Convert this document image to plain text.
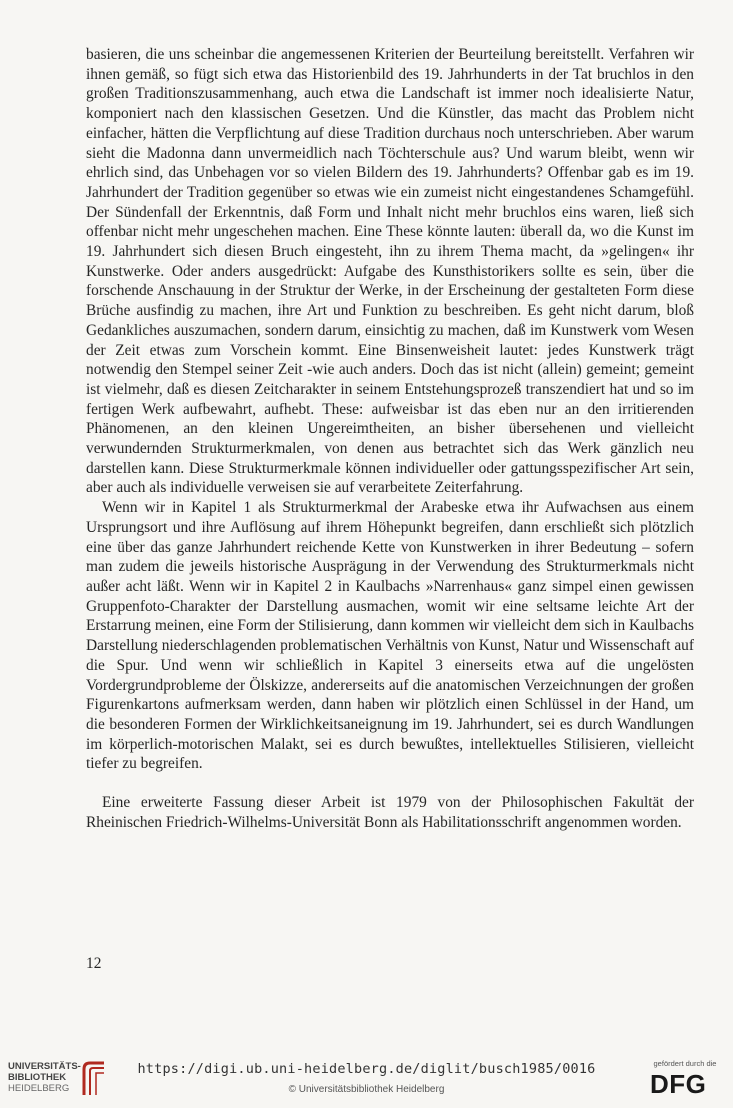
basieren, die uns scheinbar die angemessenen Kriterien der Beurteilung bereitstellt. Verfahren wir ihnen gemäß, so fügt sich etwa das Historienbild des 19. Jahrhunderts in der Tat bruchlos in den großen Traditionszusammenhang, auch etwa die Landschaft ist immer noch idealisierte Natur, komponiert nach den klassischen Gesetzen. Und die Künstler, das macht das Problem nicht einfacher, hätten die Verpflichtung auf diese Tradition durchaus noch unterschrieben. Aber warum sieht die Madonna dann unvermeidlich nach Töchterschule aus? Und warum bleibt, wenn wir ehrlich sind, das Unbehagen vor so vielen Bildern des 19. Jahrhunderts? Offenbar gab es im 19. Jahrhundert der Tradition gegenüber so etwas wie ein zumeist nicht eingestandenes Schamgefühl. Der Sündenfall der Erkenntnis, daß Form und Inhalt nicht mehr bruchlos eins waren, ließ sich offenbar nicht mehr ungeschehen machen. Eine These könnte lauten: überall da, wo die Kunst im 19. Jahrhundert sich diesen Bruch eingesteht, ihn zu ihrem Thema macht, da »gelingen« ihr Kunstwerke. Oder anders ausgedrückt: Aufgabe des Kunsthistorikers sollte es sein, über die forschende Anschauung in der Struktur der Werke, in der Erscheinung der gestalteten Form diese Brüche ausfindig zu machen, ihre Art und Funktion zu beschreiben. Es geht nicht darum, bloß Gedankliches auszumachen, sondern darum, einsichtig zu machen, daß im Kunstwerk vom Wesen der Zeit etwas zum Vorschein kommt. Eine Binsenweisheit lautet: jedes Kunstwerk trägt notwendig den Stempel seiner Zeit -wie auch anders. Doch das ist nicht (allein) gemeint; gemeint ist vielmehr, daß es diesen Zeitcharakter in seinem Entstehungsprozeß transzendiert hat und so im fertigen Werk aufbewahrt, aufhebt. These: aufweisbar ist das eben nur an den irritierenden Phänomenen, an den kleinen Ungereimtheiten, an bisher übersehenen und vielleicht verwundernden Strukturmerkmalen, von denen aus betrachtet sich das Werk gänzlich neu darstellen kann. Diese Strukturmerkmale können individueller oder gattungsspezifischer Art sein, aber auch als individuelle verweisen sie auf verarbeitete Zeiterfahrung.

Wenn wir in Kapitel 1 als Strukturmerkmal der Arabeske etwa ihr Aufwachsen aus einem Ursprungsort und ihre Auflösung auf ihrem Höhepunkt begreifen, dann erschließt sich plötzlich eine über das ganze Jahrhundert reichende Kette von Kunstwerken in ihrer Bedeutung – sofern man zudem die jeweils historische Ausprägung in der Verwendung des Strukturmerkmals nicht außer acht läßt. Wenn wir in Kapitel 2 in Kaulbachs »Narrenhaus« ganz simpel einen gewissen Gruppenfoto-Charakter der Darstellung ausmachen, womit wir eine seltsame leichte Art der Erstarrung meinen, eine Form der Stilisierung, dann kommen wir vielleicht dem sich in Kaulbachs Darstellung niederschlagenden problematischen Verhältnis von Kunst, Natur und Wissenschaft auf die Spur. Und wenn wir schließlich in Kapitel 3 einerseits etwa auf die ungelösten Vordergrundprobleme der Ölskizze, andererseits auf die anatomischen Verzeichnungen der großen Figurenkartons aufmerksam werden, dann haben wir plötzlich einen Schlüssel in der Hand, um die besonderen Formen der Wirklichkeitsaneignung im 19. Jahrhundert, sei es durch Wandlungen im körperlich-motorischen Malakt, sei es durch bewußtes, intellektuelles Stilisieren, vielleicht tiefer zu begreifen.

Eine erweiterte Fassung dieser Arbeit ist 1979 von der Philosophischen Fakultät der Rheinischen Friedrich-Wilhelms-Universität Bonn als Habilitationsschrift angenommen worden.

12
UNIVERSITÄTS-
BIBLIOTHEK
HEIDELBERG
https://digi.ub.uni-heidelberg.de/diglit/busch1985/0016
© Universitätsbibliothek Heidelberg
gefördert durch die
DFG
